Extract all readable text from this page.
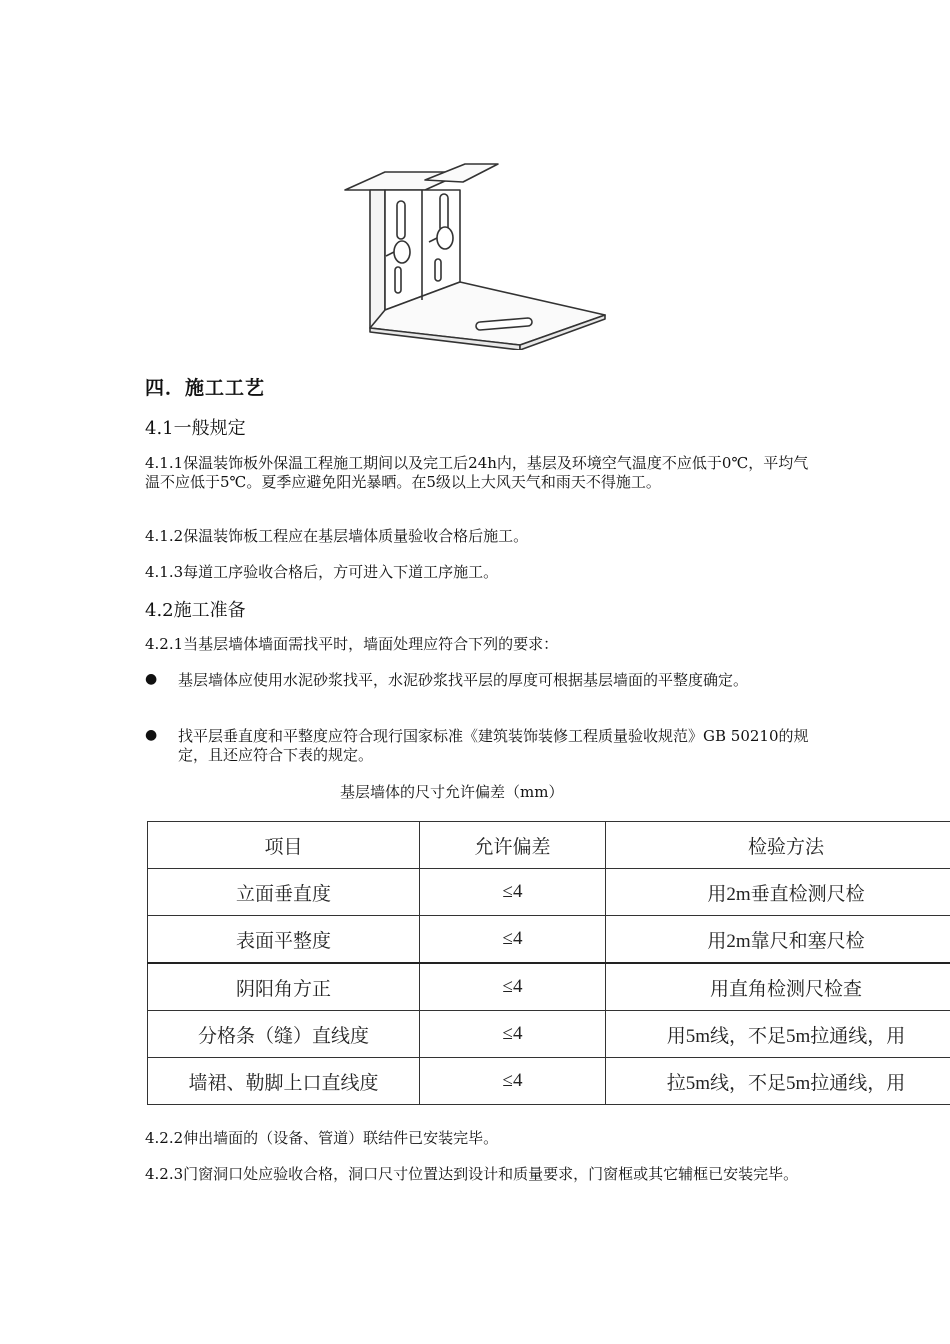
四．施工工艺
4.1一般规定
4.1.1保温装饰板外保温工程施工期间以及完工后24h内，基层及环境空气温度不应低于0℃，平均气温不应低于5℃。夏季应避免阳光暴晒。在5级以上大风天气和雨天不得施工。
4.1.2保温装饰板工程应在基层墙体质量验收合格后施工。
4.1.3每道工序验收合格后，方可进入下道工序施工。
4.2施工准备
4.2.1当基层墙体墙面需找平时，墙面处理应符合下列的要求：
● 基层墙体应使用水泥砂浆找平，水泥砂浆找平层的厚度可根据基层墙面的平整度确定。
● 找平层垂直度和平整度应符合现行国家标准《建筑装饰装修工程质量验收规范》GB 50210的规定，且还应符合下表的规定。
基层墙体的尺寸允许偏差（mm）
项目	允许偏差	检验方法
立面垂直度	≤4	用2m垂直检测尺检
表面平整度	≤4	用2m靠尺和塞尺检
阴阳角方正	≤4	用直角检测尺检查
分格条（缝）直线度	≤4	用5m线，不足5m拉通线，用
墙裙、勒脚上口直线度	≤4	拉5m线，不足5m拉通线，用
4.2.2伸出墙面的（设备、管道）联结件已安装完毕。
4.2.3门窗洞口处应验收合格，洞口尺寸位置达到设计和质量要求，门窗框或其它辅框已安装完毕。
